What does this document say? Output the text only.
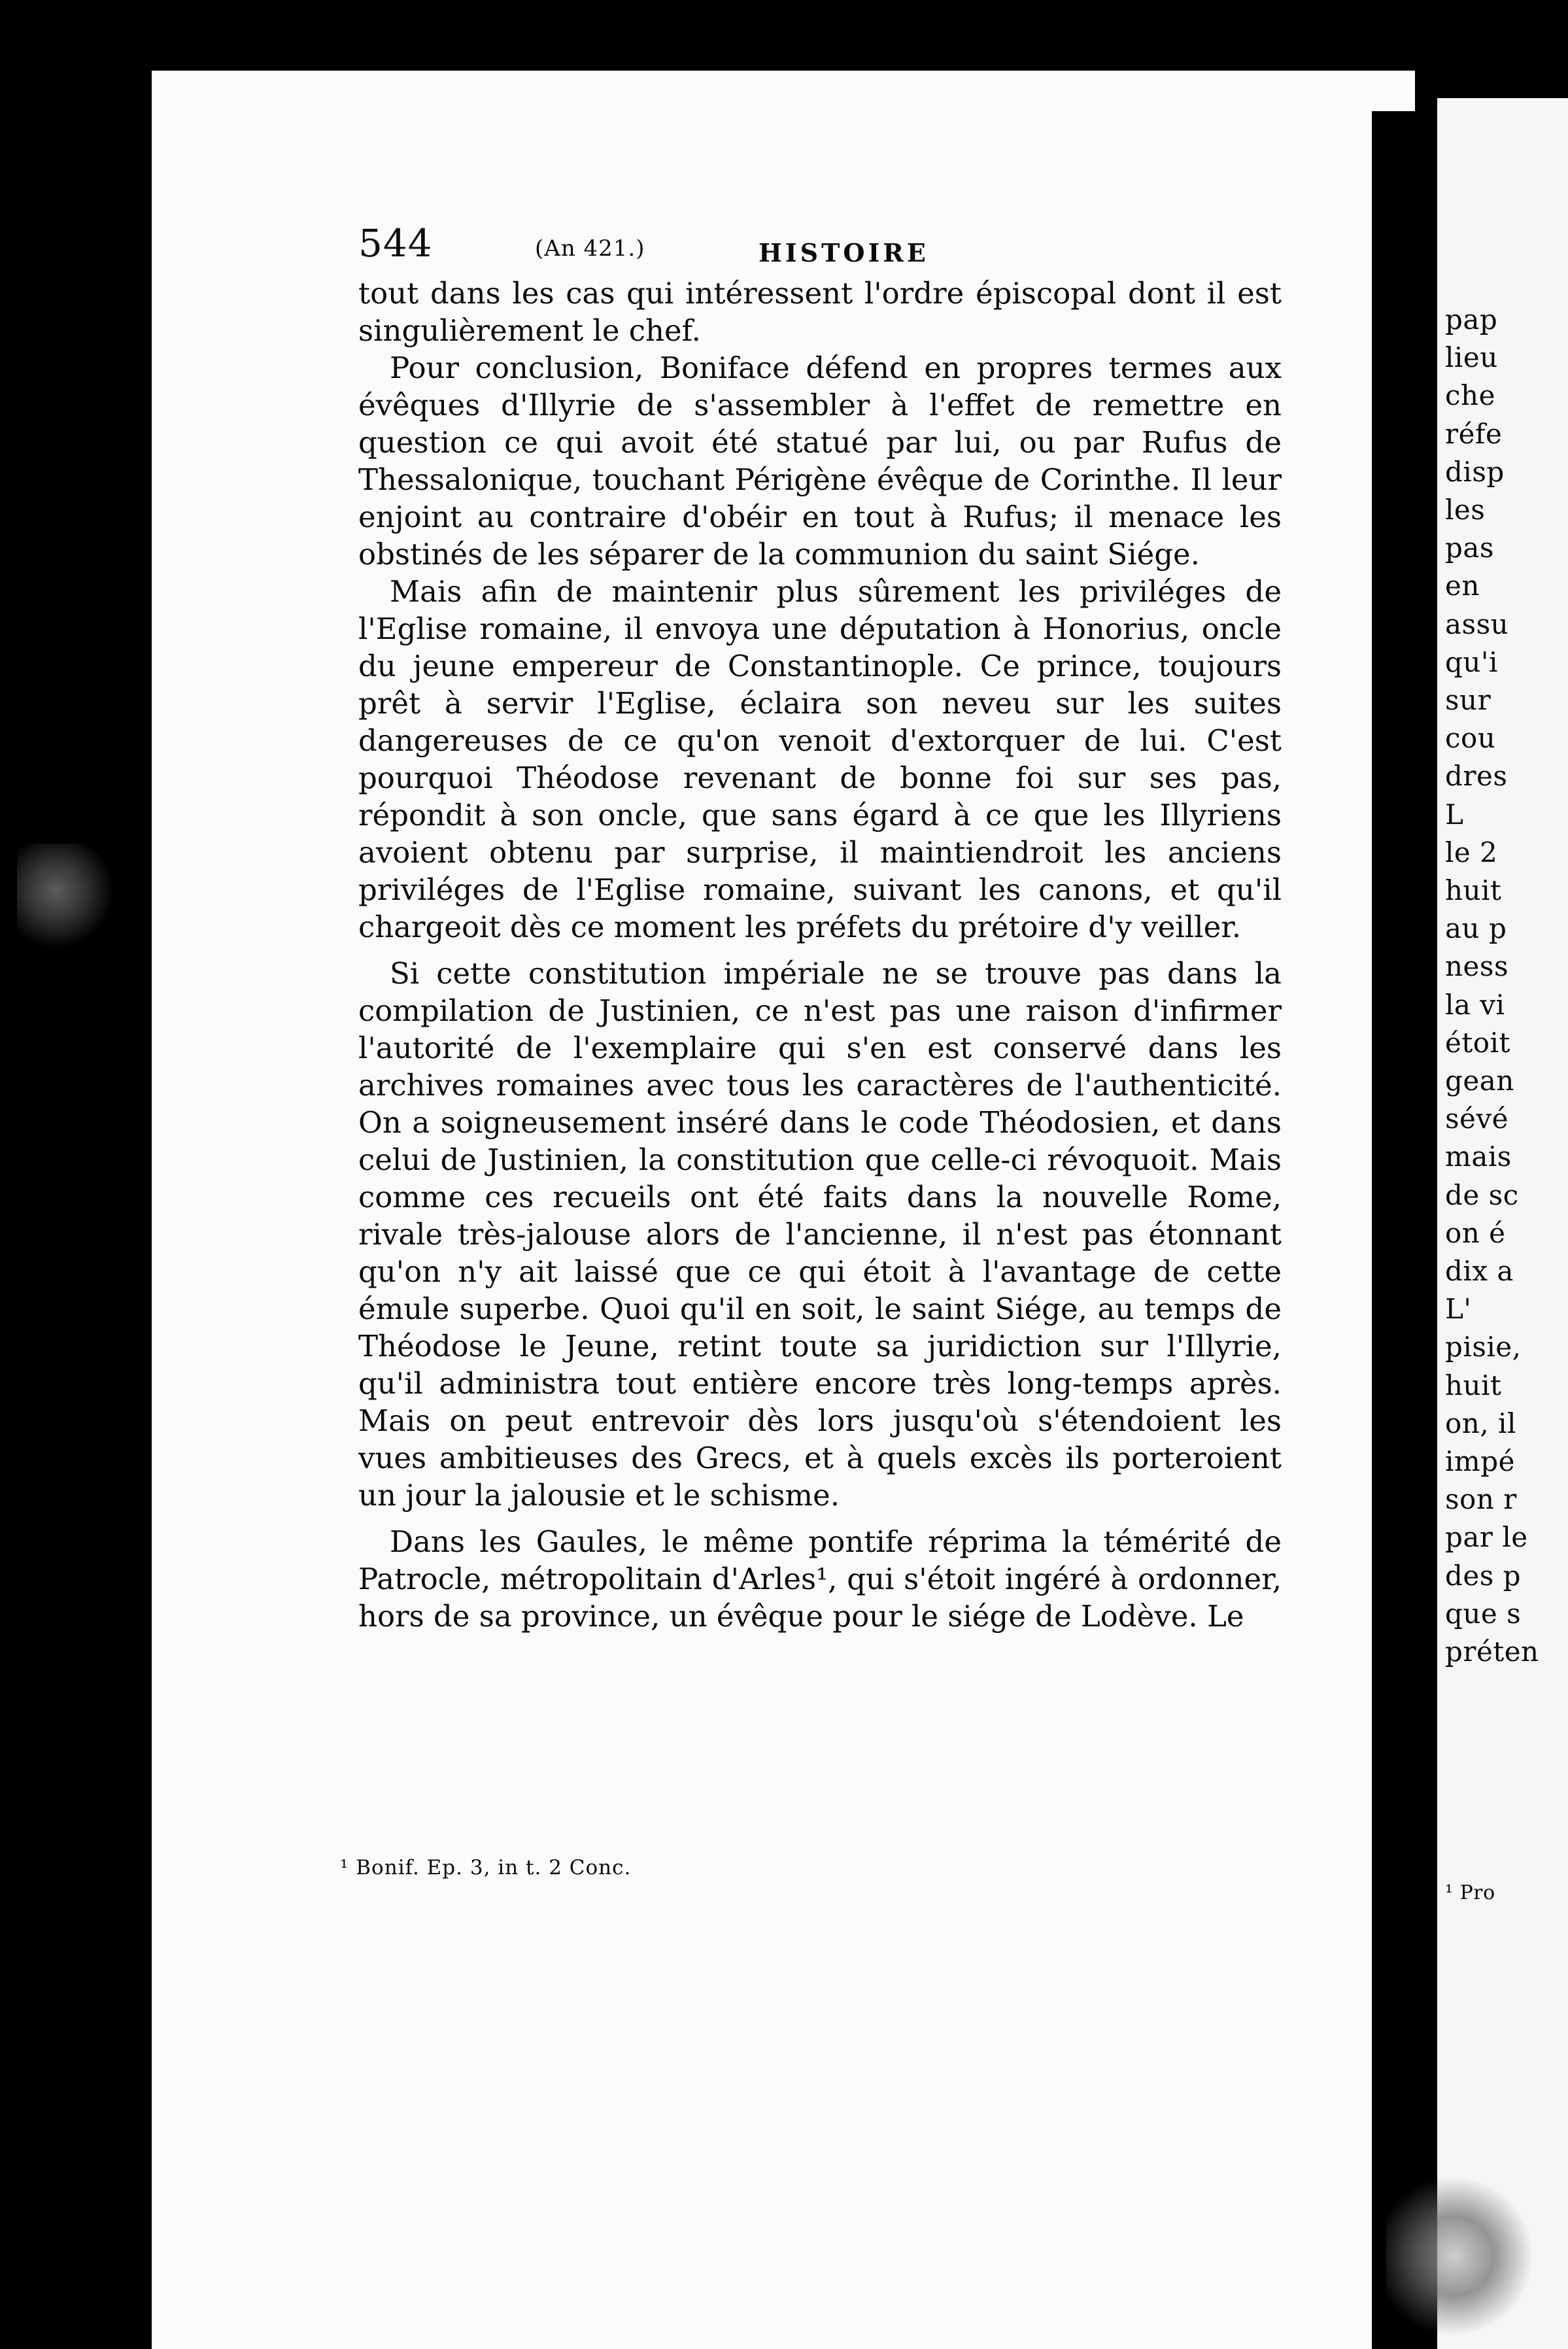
pap
lieu
che
réfe
disp
les
pas
en
assu
qu'i
sur
cou
dres
L
le 2
huit
au p
ness
la vi
étoit
gean
sévé
mais
de sc
on é
dix a
L'
pisie,
huit
on, il
impé
son r
par le
des p
que s
préten
¹ Pro
544	(An 421.)	HISTOIRE

tout dans les cas qui intéressent l'ordre épiscopal dont il est singulièrement le chef.

Pour conclusion, Boniface défend en propres termes aux évêques d'Illyrie de s'assembler à l'effet de remettre en question ce qui avoit été statué par lui, ou par Rufus de Thessalonique, touchant Périgène évêque de Corinthe. Il leur enjoint au contraire d'obéir en tout à Rufus; il menace les obstinés de les séparer de la communion du saint Siége.

Mais afin de maintenir plus sûrement les priviléges de l'Eglise romaine, il envoya une députation à Honorius, oncle du jeune empereur de Constantinople. Ce prince, toujours prêt à servir l'Eglise, éclaira son neveu sur les suites dangereuses de ce qu'on venoit d'extorquer de lui. C'est pourquoi Théodose revenant de bonne foi sur ses pas, répondit à son oncle, que sans égard à ce que les Illyriens avoient obtenu par surprise, il maintiendroit les anciens priviléges de l'Eglise romaine, suivant les canons, et qu'il chargeoit dès ce moment les préfets du prétoire d'y veiller.

Si cette constitution impériale ne se trouve pas dans la compilation de Justinien, ce n'est pas une raison d'infirmer l'autorité de l'exemplaire qui s'en est conservé dans les archives romaines avec tous les caractères de l'authenticité. On a soigneusement inséré dans le code Théodosien, et dans celui de Justinien, la constitution que celle-ci révoquoit. Mais comme ces recueils ont été faits dans la nouvelle Rome, rivale très-jalouse alors de l'ancienne, il n'est pas étonnant qu'on n'y ait laissé que ce qui étoit à l'avantage de cette émule superbe. Quoi qu'il en soit, le saint Siége, au temps de Théodose le Jeune, retint toute sa juridiction sur l'Illyrie, qu'il administra tout entière encore très long-temps après. Mais on peut entrevoir dès lors jusqu'où s'étendoient les vues ambitieuses des Grecs, et à quels excès ils porteroient un jour la jalousie et le schisme.

Dans les Gaules, le même pontife réprima la témérité de Patrocle, métropolitain d'Arles¹, qui s'étoit ingéré à ordonner, hors de sa province, un évêque pour le siége de Lodève. Le

¹ Bonif. Ep. 3, in t. 2 Conc.
